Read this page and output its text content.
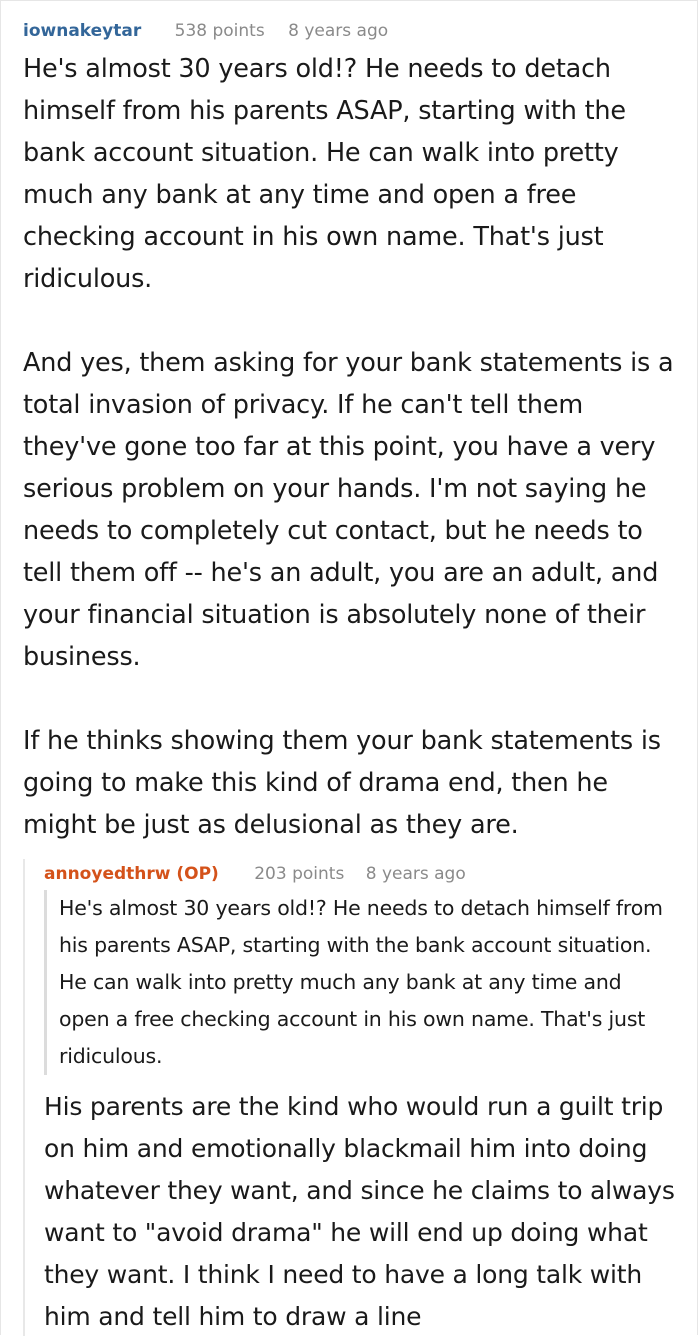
iownakeytar 538 points 8 years ago

He's almost 30 years old!? He needs to detach himself from his parents ASAP, starting with the bank account situation. He can walk into pretty much any bank at any time and open a free checking account in his own name. That's just ridiculous.

And yes, them asking for your bank statements is a total invasion of privacy. If he can't tell them they've gone too far at this point, you have a very serious problem on your hands. I'm not saying he needs to completely cut contact, but he needs to tell them off -- he's an adult, you are an adult, and your financial situation is absolutely none of their business.

If he thinks showing them your bank statements is going to make this kind of drama end, then he might be just as delusional as they are.

annoyedthrw (OP) 203 points 8 years ago
He's almost 30 years old!? He needs to detach himself from his parents ASAP, starting with the bank account situation. He can walk into pretty much any bank at any time and open a free checking account in his own name. That's just ridiculous.

His parents are the kind who would run a guilt trip on him and emotionally blackmail him into doing whatever they want, and since he claims to always want to "avoid drama" he will end up doing what they want. I think I need to have a long talk with him and tell him to draw a line
